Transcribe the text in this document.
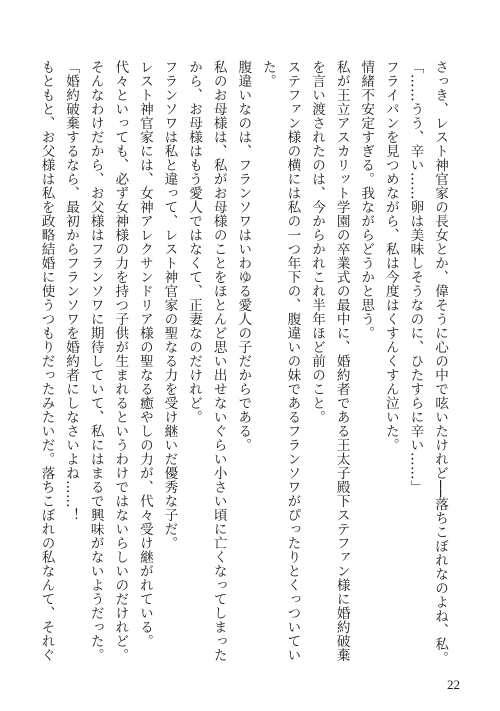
さっき、レスト神官家の長女とか、偉そうに心の中で呟いたけれど──落ちこぼれなのよね、私。
「……うう、辛い……卵は美味しそうなのに、ひたすらに辛い……」
フライパンを見つめながら、私は今度はくすんくすん泣いた。
情緒不安定すぎる。我ながらどうかと思う。
私が王立アスカリット学園の卒業式の最中に、婚約者である王太子殿下ステファン様に婚約破棄
を言い渡されたのは、今からかれこれ半年ほど前のこと。
ステファン様の横には私の一つ年下の、腹違いの妹であるフランソワがぴったりとくっついてい
た。
腹違いなのは、フランソワはいわゆる愛人の子だからである。
私のお母様は、私がお母様のことをほとんど思い出せないぐらい小さい頃に亡くなってしまった
から、お母様はもう愛人ではなくて、正妻なのだけれど。
フランソワは私と違って、レスト神官家の聖なる力を受け継いだ優秀な子だ。
レスト神官家には、女神アレクサンドリア様の聖なる癒やしの力が、代々受け継がれている。
代々といっても、必ず女神様の力を持つ子供が生まれるというわけではないらしいのだけれど。
そんなわけだから、お父様はフランソワに期待していて、私にはまるで興味がないようだった。
「婚約破棄するなら、最初からフランソワを婚約者にしなさいよね……！
もともと、お父様は私を政略結婚に使うつもりだったみたいだ。落ちこぼれの私なんて、それぐ
22
